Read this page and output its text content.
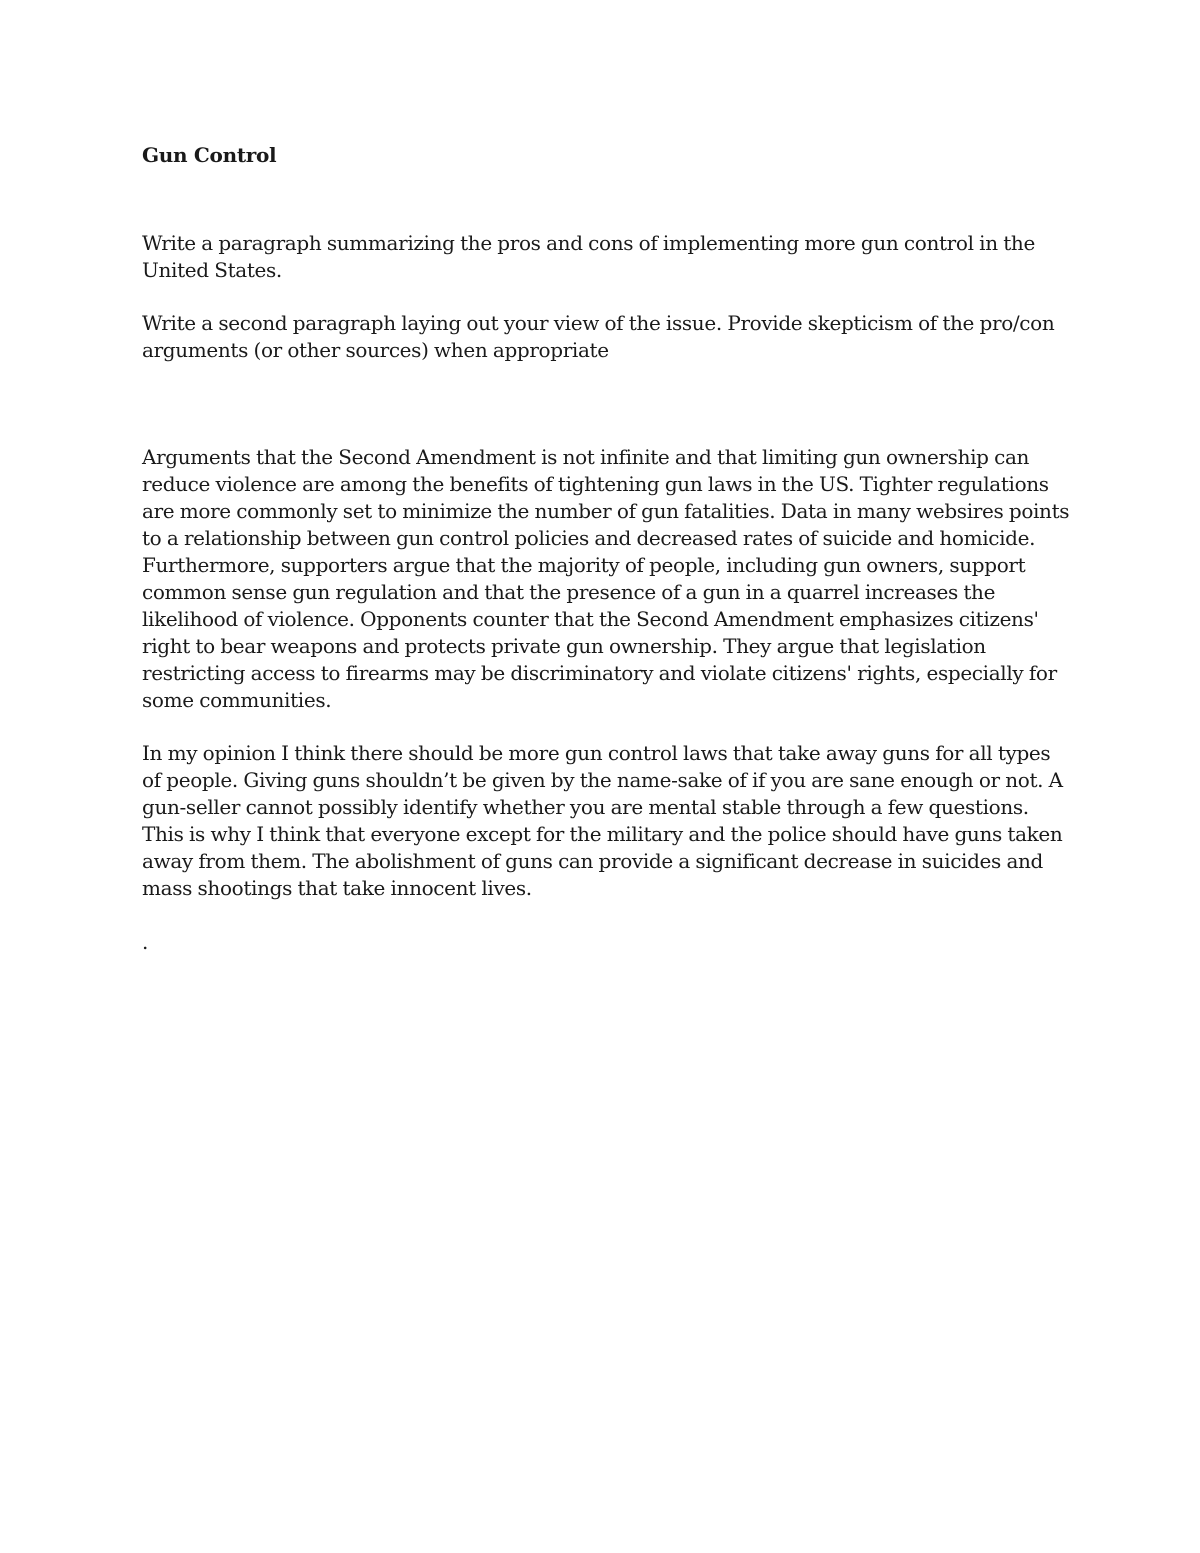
Gun Control

Write a paragraph summarizing the pros and cons of implementing more gun control in the United States.

Write a second paragraph laying out your view of the issue. Provide skepticism of the pro/con arguments (or other sources) when appropriate

Arguments that the Second Amendment is not infinite and that limiting gun ownership can reduce violence are among the benefits of tightening gun laws in the US. Tighter regulations are more commonly set to minimize the number of gun fatalities. Data in many websires points to a relationship between gun control policies and decreased rates of suicide and homicide. Furthermore, supporters argue that the majority of people, including gun owners, support common sense gun regulation and that the presence of a gun in a quarrel increases the likelihood of violence. Opponents counter that the Second Amendment emphasizes citizens' right to bear weapons and protects private gun ownership. They argue that legislation restricting access to firearms may be discriminatory and violate citizens' rights, especially for some communities.

In my opinion I think there should be more gun control laws that take away guns for all types of people. Giving guns shouldn’t be given by the name-sake of if you are sane enough or not. A gun-seller cannot possibly identify whether you are mental stable through a few questions. This is why I think that everyone except for the military and the police should have guns taken away from them. The abolishment of guns can provide a significant decrease in suicides and mass shootings that take innocent lives.

.
